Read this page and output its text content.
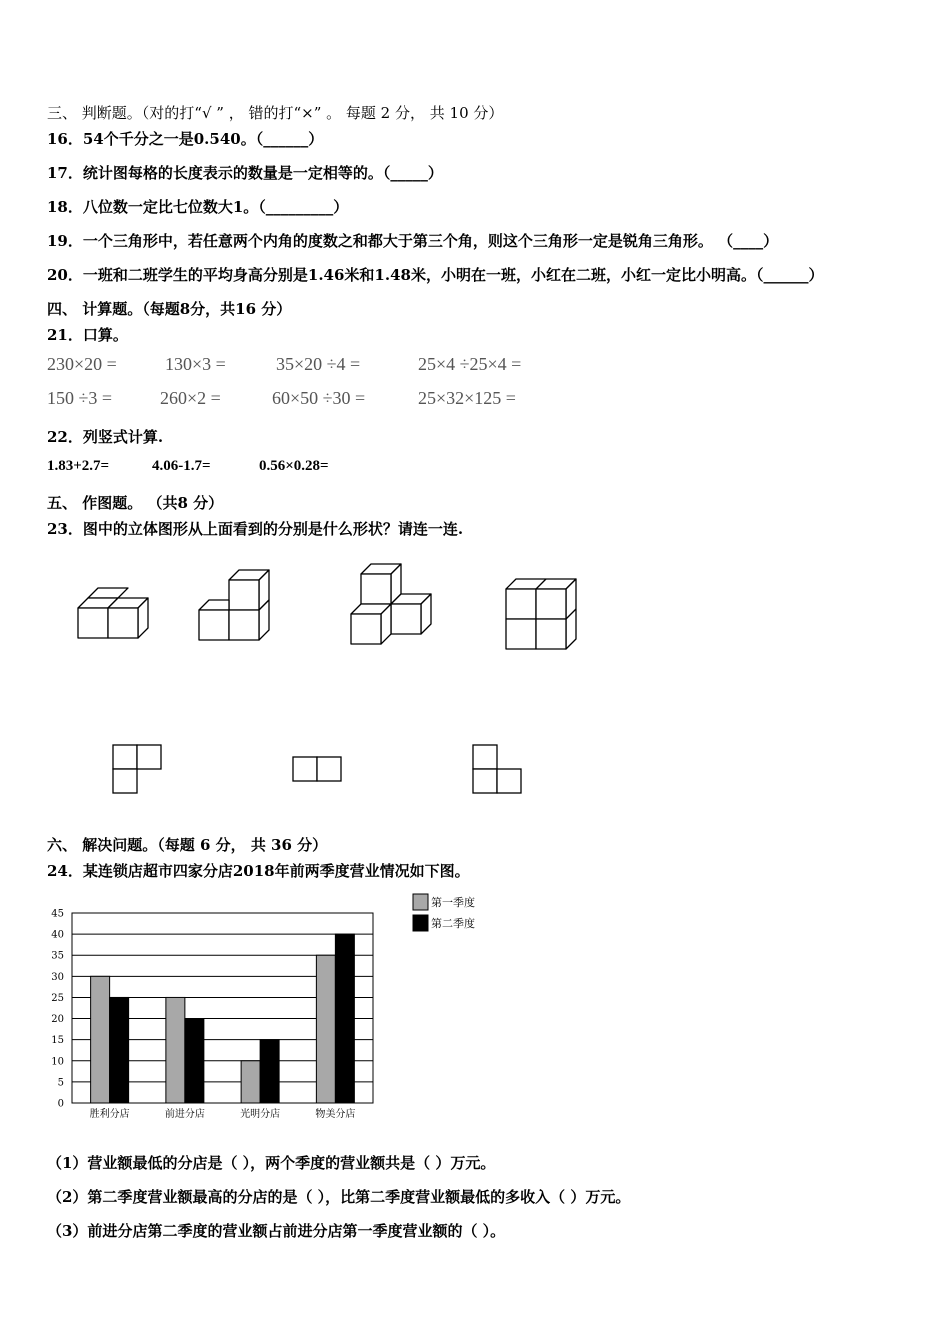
三、 判断题。（对的打“√ ” ， 错的打“×” 。 每题 2 分， 共 10 分）
16．54个千分之一是0.540。（______）
17．统计图每格的长度表示的数量是一定相等的。（_____）
18．八位数一定比七位数大1。（_________）
19．一个三角形中，若任意两个内角的度数之和都大于第三个角，则这个三角形一定是锐角三角形。 （____）
20．一班和二班学生的平均身高分别是1.46米和1.48米，小明在一班，小红在二班，小红一定比小明高。（______）
四、 计算题。（每题8分，共16 分）
21．口算。
230×20 =	130×3 =	35×20 ÷4 =	25×4 ÷25×4 =
150 ÷3 =	260×2 =	60×50 ÷30 =	25×32×125 =
22．列竖式计算.
1.83+2.7=	4.06-1.7=	0.56×0.28=
五、 作图题。 （共8 分）
23．图中的立体图形从上面看到的分别是什么形状？请连一连.
六、 解决问题。（每题 6 分， 共 36 分）
24．某连锁店超市四家分店2018年前两季度营业情况如下图。
0
5
10
15
20
25
30
35
40
45
胜利分店	前进分店	光明分店	物美分店
第一季度
第二季度
（1）营业额最低的分店是（ ），两个季度的营业额共是（ ）万元。
（2）第二季度营业额最高的分店的是（ ），比第二季度营业额最低的多收入（ ）万元。
（3）前进分店第二季度的营业额占前进分店第一季度营业额的（ ）。
